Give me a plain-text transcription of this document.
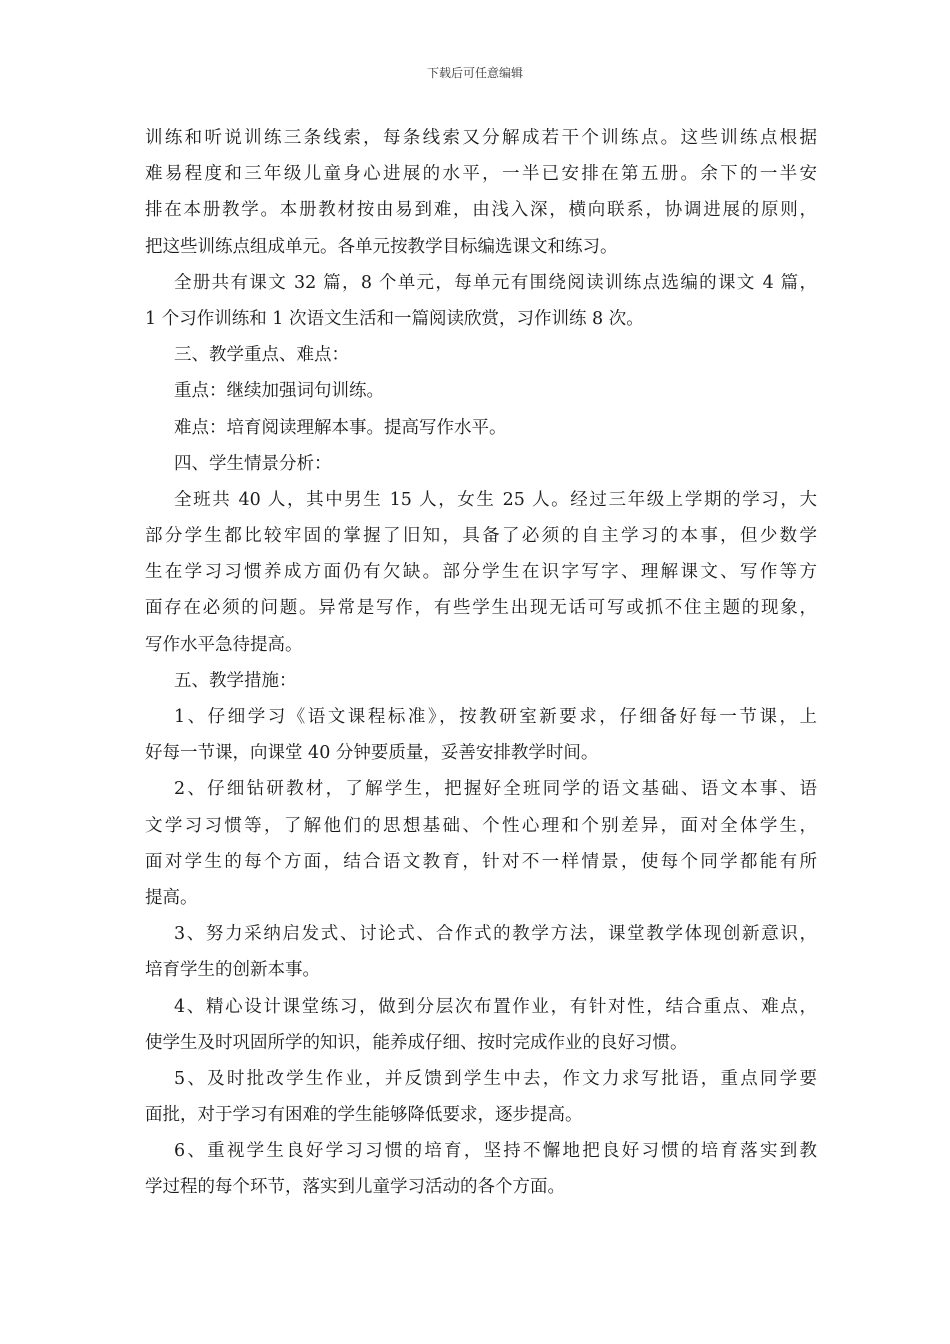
下载后可任意编辑
训练和听说训练三条线索，每条线索又分解成若干个训练点。这些训练点根据
难易程度和三年级儿童身心进展的水平，一半已安排在第五册。余下的一半安
排在本册教学。本册教材按由易到难，由浅入深，横向联系，协调进展的原则，
把这些训练点组成单元。各单元按教学目标编选课文和练习。
全册共有课文 32 篇，8 个单元，每单元有围绕阅读训练点选编的课文 4 篇，
1 个习作训练和 1 次语文生活和一篇阅读欣赏，习作训练 8 次。
三、教学重点、难点：
重点：继续加强词句训练。
难点：培育阅读理解本事。提高写作水平。
四、学生情景分析：
全班共 40 人，其中男生 15 人，女生 25 人。经过三年级上学期的学习，大
部分学生都比较牢固的掌握了旧知，具备了必须的自主学习的本事，但少数学
生在学习习惯养成方面仍有欠缺。部分学生在识字写字、理解课文、写作等方
面存在必须的问题。异常是写作，有些学生出现无话可写或抓不住主题的现象，
写作水平急待提高。
五、教学措施：
1、仔细学习《语文课程标准》，按教研室新要求，仔细备好每一节课，上
好每一节课，向课堂 40 分钟要质量，妥善安排教学时间。
2、仔细钻研教材，了解学生，把握好全班同学的语文基础、语文本事、语
文学习习惯等，了解他们的思想基础、个性心理和个别差异，面对全体学生，
面对学生的每个方面，结合语文教育，针对不一样情景，使每个同学都能有所
提高。
3、努力采纳启发式、讨论式、合作式的教学方法，课堂教学体现创新意识，
培育学生的创新本事。
4、精心设计课堂练习，做到分层次布置作业，有针对性，结合重点、难点，
使学生及时巩固所学的知识，能养成仔细、按时完成作业的良好习惯。
5、及时批改学生作业，并反馈到学生中去，作文力求写批语，重点同学要
面批，对于学习有困难的学生能够降低要求，逐步提高。
6、重视学生良好学习习惯的培育，坚持不懈地把良好习惯的培育落实到教
学过程的每个环节，落实到儿童学习活动的各个方面。
